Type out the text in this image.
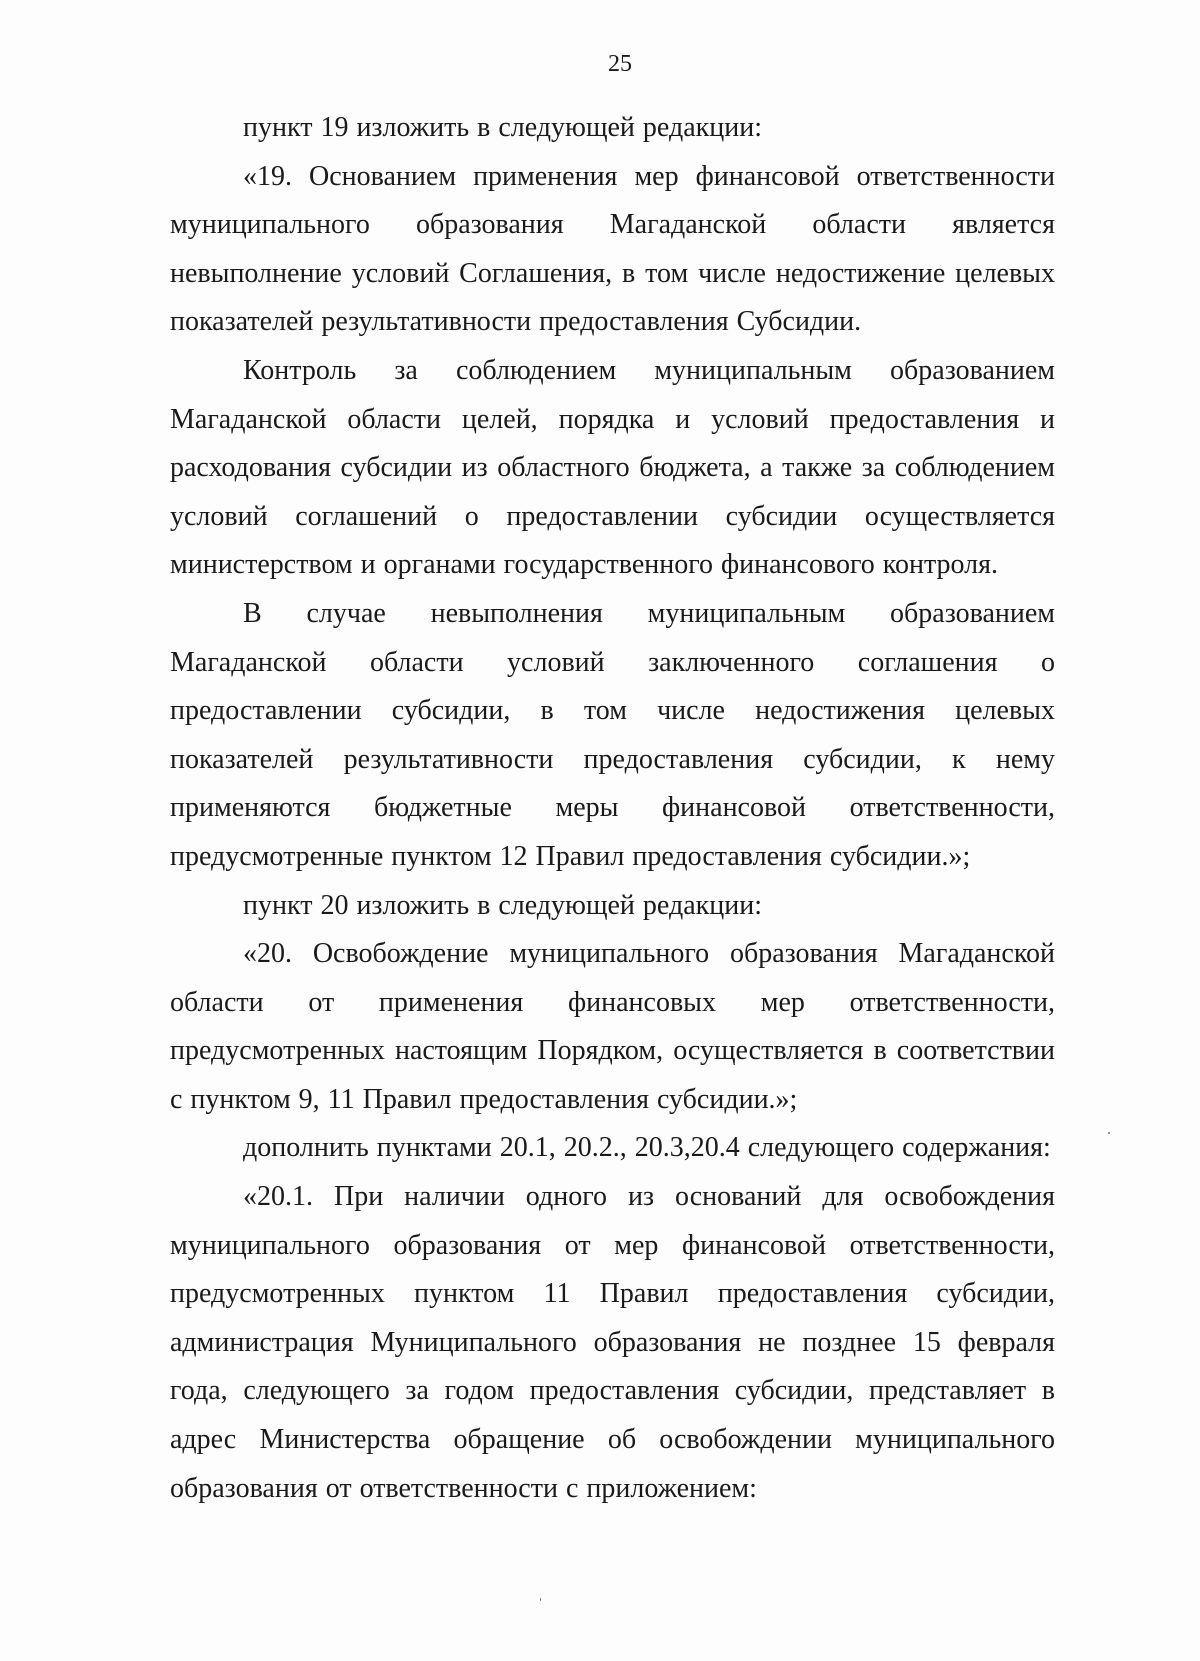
25

пункт 19 изложить в следующей редакции:

«19. Основанием применения мер финансовой ответственности муниципального образования Магаданской области является невыполнение условий Соглашения, в том числе недостижение целевых показателей результативности предоставления Субсидии.

Контроль за соблюдением муниципальным образованием Магаданской области целей, порядка и условий предоставления и расходования субсидии из областного бюджета, а также за соблюдением условий соглашений о предоставлении субсидии осуществляется министерством и органами государственного финансового контроля.

В случае невыполнения муниципальным образованием Магаданской области условий заключенного соглашения о предоставлении субсидии, в том числе недостижения целевых показателей результативности предоставления субсидии, к нему применяются бюджетные меры финансовой ответственности, предусмотренные пунктом 12 Правил предоставления субсидии.»;

пункт 20 изложить в следующей редакции:

«20. Освобождение муниципального образования Магаданской области от применения финансовых мер ответственности, предусмотренных настоящим Порядком, осуществляется в соответствии с пунктом 9, 11 Правил предоставления субсидии.»;

дополнить пунктами 20.1, 20.2., 20.3,20.4 следующего содержания:

«20.1. При наличии одного из оснований для освобождения муниципального образования от мер финансовой ответственности, предусмотренных пунктом 11 Правил предоставления субсидии, администрация Муниципального образования не позднее 15 февраля года, следующего за годом предоставления субсидии, представляет в адрес Министерства обращение об освобождении муниципального образования от ответственности с приложением:
